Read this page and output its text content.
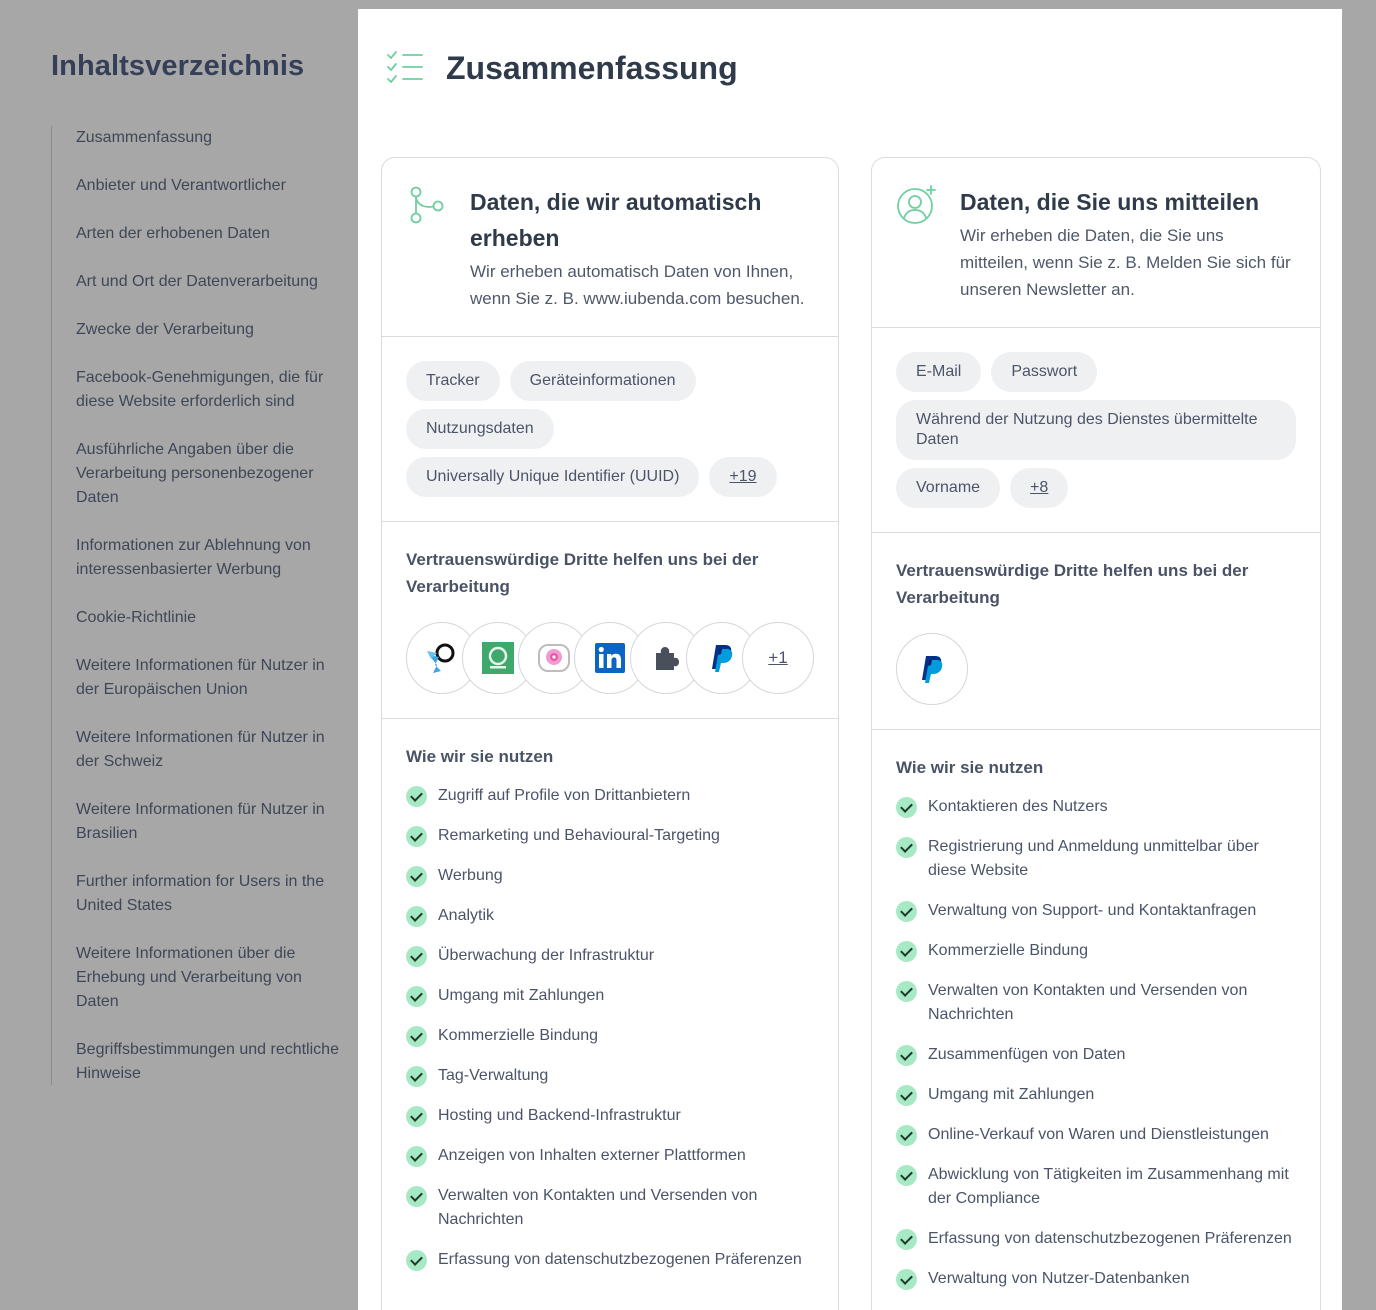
Inhaltsverzeichnis
Zusammenfassung
Anbieter und Verantwortlicher
Arten der erhobenen Daten
Art und Ort der Datenverarbeitung
Zwecke der Verarbeitung
Facebook-Genehmigungen, die für diese Website erforderlich sind
Ausführliche Angaben über die Verarbeitung personenbezogener Daten
Informationen zur Ablehnung von interessenbasierter Werbung
Cookie-Richtlinie
Weitere Informationen für Nutzer in der Europäischen Union
Weitere Informationen für Nutzer in der Schweiz
Weitere Informationen für Nutzer in Brasilien
Further information for Users in the United States
Weitere Informationen über die Erhebung und Verarbeitung von Daten
Begriffsbestimmungen und rechtliche Hinweise
Zusammenfassung
Daten, die wir automatisch erheben

Wir erheben automatisch Daten von Ihnen, wenn Sie z. B. www.iubenda.com besuchen.

Tracker	Geräteinformationen
Nutzungsdaten
Universally Unique Identifier (UUID)	+19
Vertrauenswürdige Dritte helfen uns bei der Verarbeitung
+1
Wie wir sie nutzen
Zugriff auf Profile von Drittanbietern
Remarketing und Behavioural-Targeting
Werbung
Analytik
Überwachung der Infrastruktur
Umgang mit Zahlungen
Kommerzielle Bindung
Tag-Verwaltung
Hosting und Backend-Infrastruktur
Anzeigen von Inhalten externer Plattformen
Verwalten von Kontakten und Versenden von Nachrichten
Erfassung von datenschutzbezogenen Präferenzen
Daten, die Sie uns mitteilen

Wir erheben die Daten, die Sie uns mitteilen, wenn Sie z. B. Melden Sie sich für unseren Newsletter an.

E-Mail	Passwort
Während der Nutzung des Dienstes übermittelte Daten
Vorname	+8
Vertrauenswürdige Dritte helfen uns bei der Verarbeitung
Wie wir sie nutzen
Kontaktieren des Nutzers
Registrierung und Anmeldung unmittelbar über diese Website
Verwaltung von Support- und Kontaktanfragen
Kommerzielle Bindung
Verwalten von Kontakten und Versenden von Nachrichten
Zusammenfügen von Daten
Umgang mit Zahlungen
Online-Verkauf von Waren und Dienstleistungen
Abwicklung von Tätigkeiten im Zusammenhang mit der Compliance
Erfassung von datenschutzbezogenen Präferenzen
Verwaltung von Nutzer-Datenbanken
